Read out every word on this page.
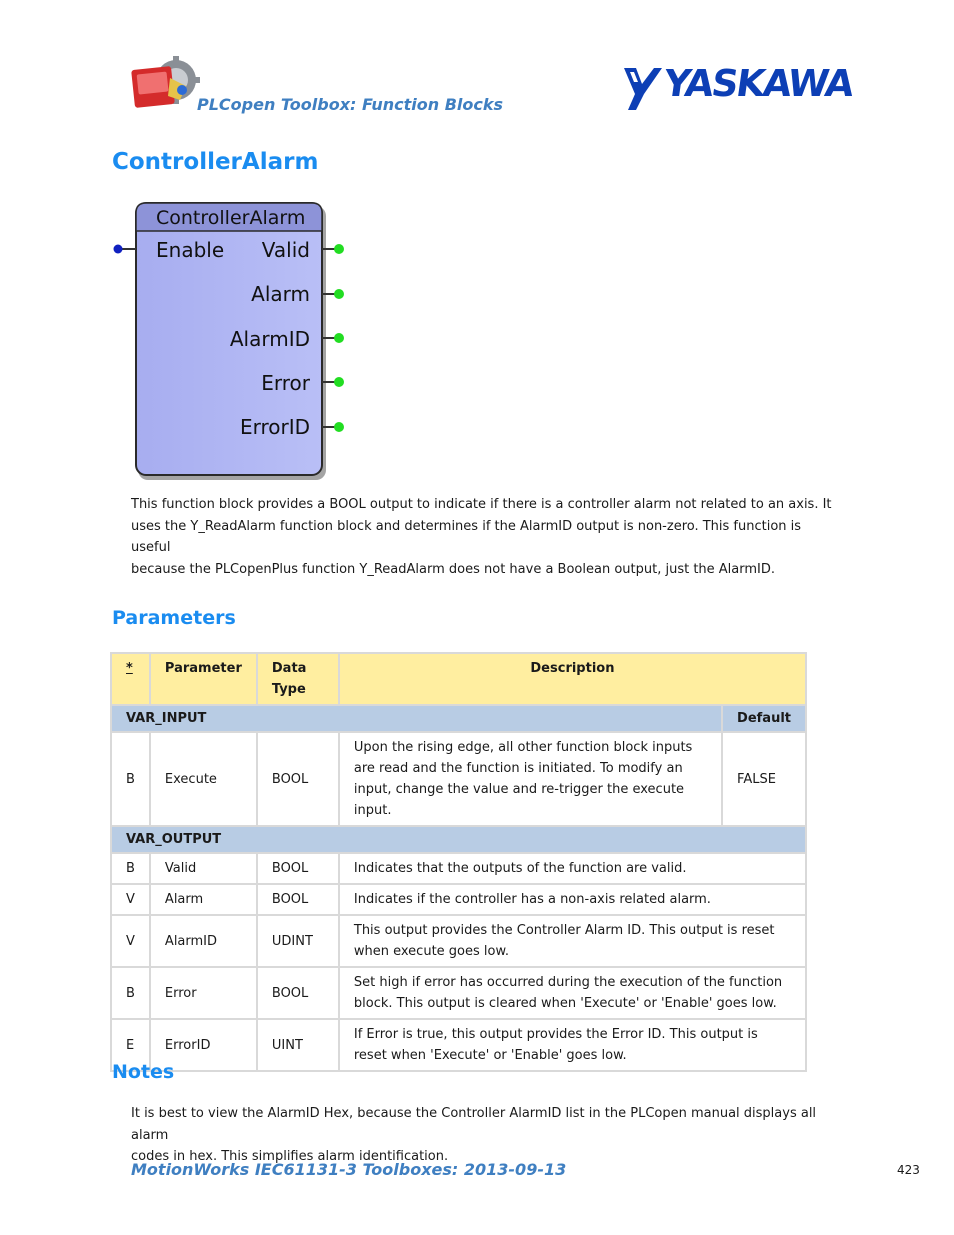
PLCopen Toolbox: Function Blocks	YASKAWA
ControllerAlarm
ControllerAlarm
Enable Valid
Alarm
AlarmID
Error
ErrorID
This function block provides a BOOL output to indicate if there is a controller alarm not related to an axis. It
uses the Y_ReadAlarm function block and determines if the AlarmID output is non-zero. This function is useful
because the PLCopenPlus function Y_ReadAlarm does not have a Boolean output, just the AlarmID.
Parameters
*	Parameter	Data Type	Description	
VAR_INPUT				Default
B	Execute	BOOL	Upon the rising edge, all other function block inputs are read and the function is initiated. To modify an input, change the value and re-trigger the execute input.	FALSE
VAR_OUTPUT				
B	Valid	BOOL	Indicates that the outputs of the function are valid.	
V	Alarm	BOOL	Indicates if the controller has a non-axis related alarm.	
V	AlarmID	UDINT	This output provides the Controller Alarm ID. This output is reset when execute goes low.	
B	Error	BOOL	Set high if error has occurred during the execution of the function block. This output is cleared when 'Execute' or 'Enable' goes low.	
E	ErrorID	UINT	If Error is true, this output provides the Error ID. This output is reset when 'Execute' or 'Enable' goes low.	
Notes
It is best to view the AlarmID Hex, because the Controller AlarmID list in the PLCopen manual displays all alarm
codes in hex. This simplifies alarm identification.
MotionWorks IEC61131-3 Toolboxes: 2013-09-13	423
